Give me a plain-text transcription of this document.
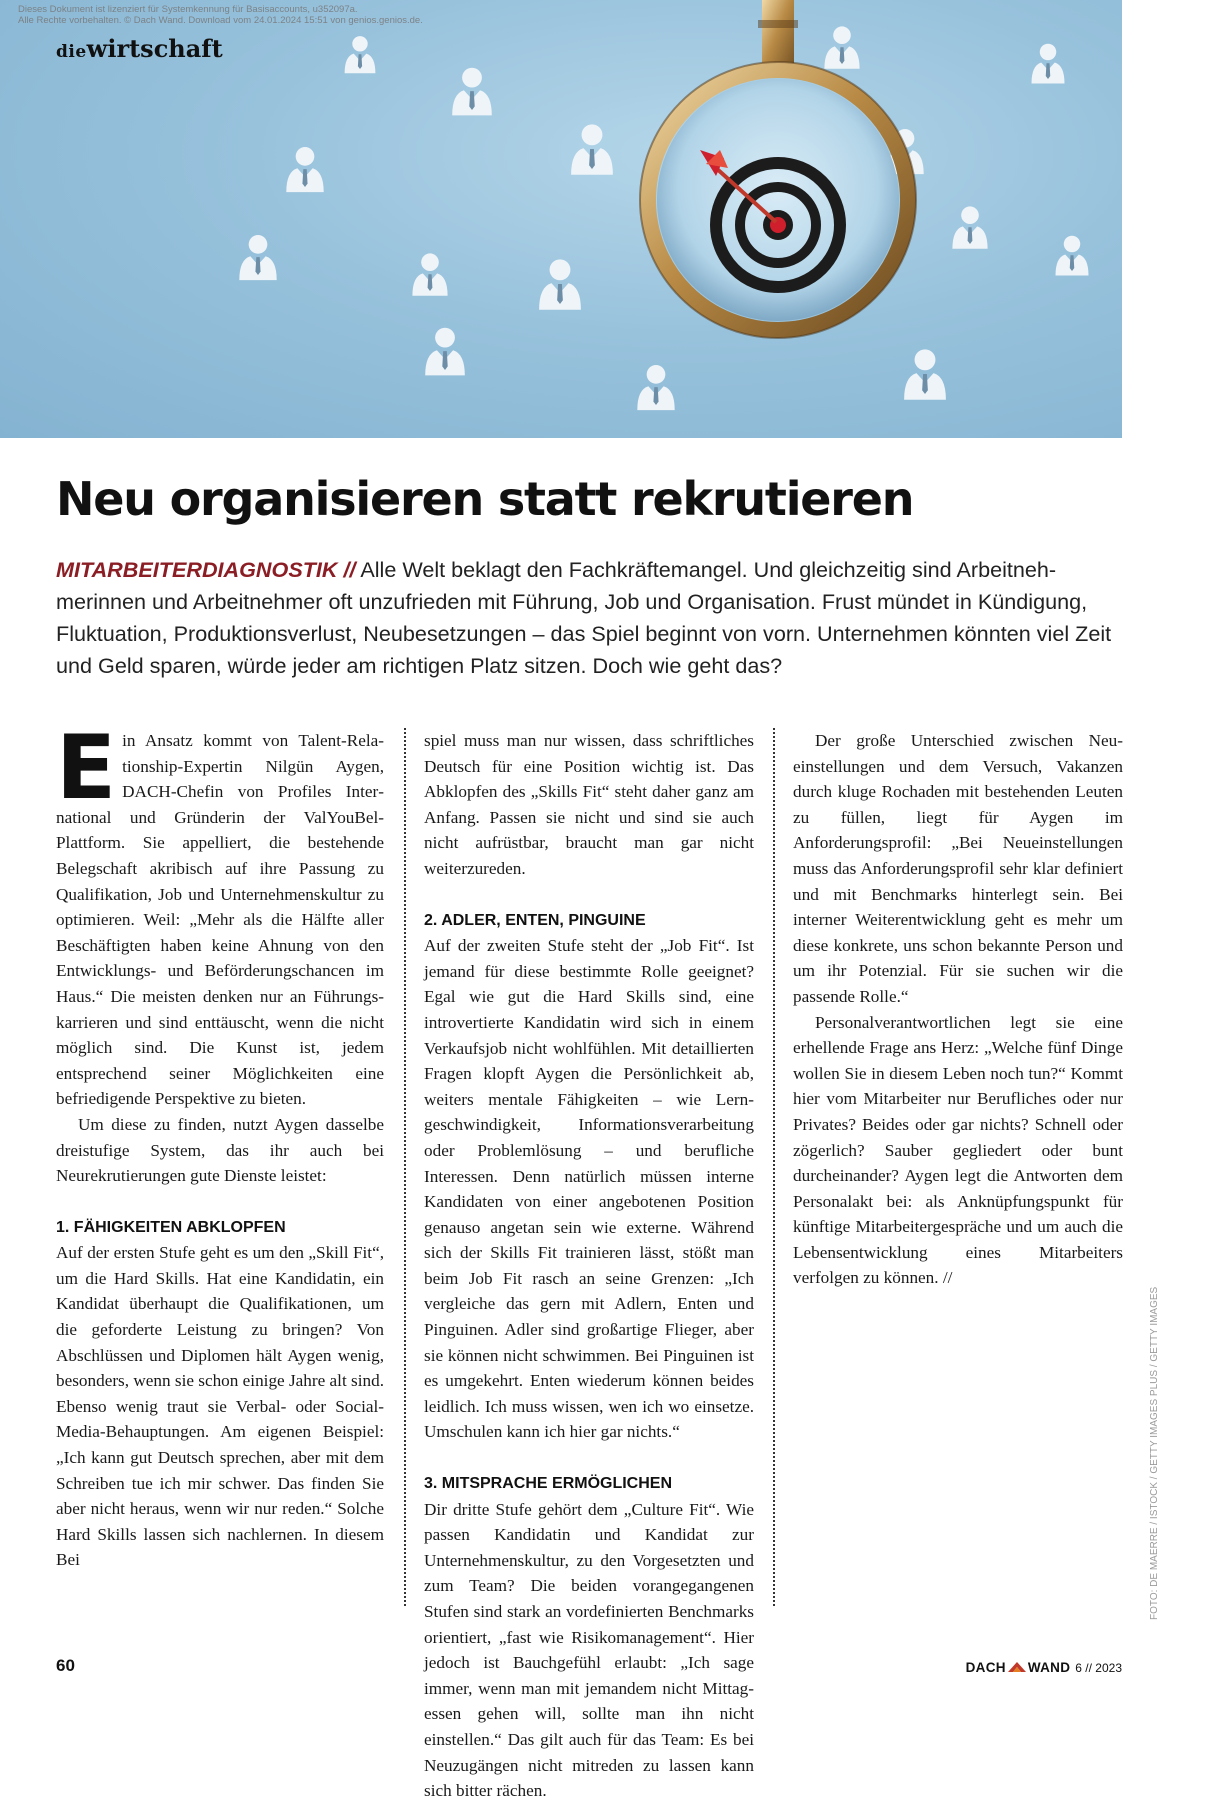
Dieses Dokument ist lizenziert für Systemkennung für Basisaccounts, u352097a.
Alle Rechte vorbehalten. © Dach Wand. Download vom 24.01.2024 15:51 von genios.genios.de.
diewirtschaft
Neu organisieren statt rekrutieren

MITARBEITERDIAGNOSTIK // Alle Welt beklagt den Fachkräftemangel. Und gleichzeitig sind Arbeitnehmerinnen und Arbeitnehmer oft unzufrieden mit Führung, Job und Organisation. Frust mündet in Kündigung, Fluktuation, Produktionsverlust, Neubesetzungen – das Spiel beginnt von vorn. Unternehmen könnten viel Zeit und Geld sparen, würde jeder am richtigen Platz sitzen. Doch wie geht das?

Ein Ansatz kommt von Talent-Relationship-Expertin Nilgün Aygen, DACH-Chefin von Profiles International und Gründerin der ValYouBel-Plattform. Sie appelliert, die bestehende Belegschaft akribisch auf ihre Passung zu Qualifikation, Job und Unternehmenskultur zu optimieren. Weil: „Mehr als die Hälfte aller Beschäftigten haben keine Ahnung von den Entwicklungs- und Beförderungschancen im Haus.“ Die meisten denken nur an Führungskarrieren und sind enttäuscht, wenn die nicht möglich sind. Die Kunst ist, jedem entsprechend seiner Möglichkeiten eine befriedigende Perspektive zu bieten.

Um diese zu finden, nutzt Aygen dasselbe dreistufige System, das ihr auch bei Neurekrutierungen gute Dienste leistet:

1. FÄHIGKEITEN ABKLOPFEN

Auf der ersten Stufe geht es um den „Skill Fit“, um die Hard Skills. Hat eine Kandidatin, ein Kandidat überhaupt die Qualifikationen, um die geforderte Leistung zu bringen? Von Abschlüssen und Diplomen hält Aygen wenig, besonders, wenn sie schon einige Jahre alt sind. Ebenso wenig traut sie Verbal- oder Social-Media-Behauptungen. Am eigenen Beispiel: „Ich kann gut Deutsch sprechen, aber mit dem Schreiben tue ich mir schwer. Das finden Sie aber nicht heraus, wenn wir nur reden.“ Solche Hard Skills lassen sich nachlernen. In diesem Bei

spiel muss man nur wissen, dass schriftliches Deutsch für eine Position wichtig ist. Das Abklopfen des „Skills Fit“ steht daher ganz am Anfang. Passen sie nicht und sind sie auch nicht aufrüstbar, braucht man gar nicht weiterzureden.

2. ADLER, ENTEN, PINGUINE

Auf der zweiten Stufe steht der „Job Fit“. Ist jemand für diese bestimmte Rolle geeignet? Egal wie gut die Hard Skills sind, eine introvertierte Kandidatin wird sich in einem Verkaufsjob nicht wohlfühlen. Mit detaillierten Fragen klopft Aygen die Persönlichkeit ab, weiters mentale Fähigkeiten – wie Lerngeschwindigkeit, Informationsverarbeitung oder Problemlösung – und berufliche Interessen. Denn natürlich müssen interne Kandidaten von einer angebotenen Position genauso angetan sein wie externe. Während sich der Skills Fit trainieren lässt, stößt man beim Job Fit rasch an seine Grenzen: „Ich vergleiche das gern mit Adlern, Enten und Pinguinen. Adler sind großartige Flieger, aber sie können nicht schwimmen. Bei Pinguinen ist es umgekehrt. Enten wiederum können beides leidlich. Ich muss wissen, wen ich wo einsetze. Umschulen kann ich hier gar nichts.“

3. MITSPRACHE ERMÖGLICHEN

Dir dritte Stufe gehört dem „Culture Fit“. Wie passen Kandidatin und Kandidat zur Unternehmenskultur, zu den Vorgesetzten und zum Team? Die beiden vorangegangenen Stufen sind stark an vordefinierten Benchmarks orientiert, „fast wie Risikomanagement“. Hier jedoch ist Bauchgefühl erlaubt: „Ich sage immer, wenn man mit jemandem nicht Mittagessen gehen will, sollte man ihn nicht einstellen.“ Das gilt auch für das Team: Es bei Neuzugängen nicht mitreden zu lassen kann sich bitter rächen.

Der große Unterschied zwischen Neueinstellungen und dem Versuch, Vakanzen durch kluge Rochaden mit bestehenden Leuten zu füllen, liegt für Aygen im Anforderungsprofil: „Bei Neueinstellungen muss das Anforderungsprofil sehr klar definiert und mit Benchmarks hinterlegt sein. Bei interner Weiterentwicklung geht es mehr um diese konkrete, uns schon bekannte Person und um ihr Potenzial. Für sie suchen wir die passende Rolle.“

Personalverantwortlichen legt sie eine erhellende Frage ans Herz: „Welche fünf Dinge wollen Sie in diesem Leben noch tun?“ Kommt hier vom Mitarbeiter nur Berufliches oder nur Privates? Beides oder gar nichts? Schnell oder zögerlich? Sauber gegliedert oder bunt durcheinander? Aygen legt die Antworten dem Personalakt bei: als Anknüpfungspunkt für künftige Mitarbeitergespräche und um auch die Lebensentwicklung eines Mitarbeiters verfolgen zu können. //

FOTO: DE MAERRE / ISTOCK / GETTY IMAGES PLUS / GETTY IMAGES
60	DACH WAND 6 // 2023
